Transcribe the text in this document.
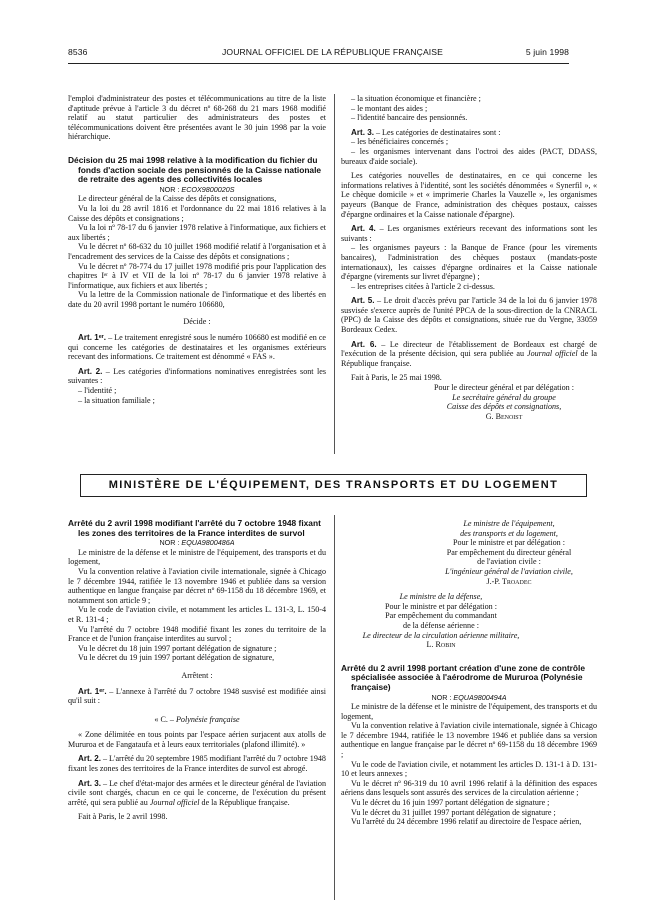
8536	JOURNAL OFFICIEL DE LA RÉPUBLIQUE FRANÇAISE	5 juin 1998

l'emploi d'administrateur des postes et télécommunications au titre de la liste d'aptitude prévue à l'article 3 du décret nº 68-268 du 21 mars 1968 modifié relatif au statut particulier des administrateurs des postes et télécommunications doivent être présentées avant le 30 juin 1998 par la voie hiérarchique.

Décision du 25 mai 1998 relative à la modification du fichier du fonds d'action sociale des pensionnés de la Caisse nationale de retraite des agents des collectivités locales

NOR : ECOX9800020S

Le directeur général de la Caisse des dépôts et consignations,

Vu la loi du 28 avril 1816 et l'ordonnance du 22 mai 1816 relatives à la Caisse des dépôts et consignations ;

Vu la loi nº 78-17 du 6 janvier 1978 relative à l'informatique, aux fichiers et aux libertés ;

Vu le décret nº 68-632 du 10 juillet 1968 modifié relatif à l'organisation et à l'encadrement des services de la Caisse des dépôts et consignations ;

Vu le décret nº 78-774 du 17 juillet 1978 modifié pris pour l'application des chapitres Iᵉʳ à IV et VII de la loi nº 78-17 du 6 janvier 1978 relative à l'informatique, aux fichiers et aux libertés ;

Vu la lettre de la Commission nationale de l'informatique et des libertés en date du 20 avril 1998 portant le numéro 106680,

Décide :

Art. 1ᵉʳ. – Le traitement enregistré sous le numéro 106680 est modifié en ce qui concerne les catégories de destinataires et les organismes extérieurs recevant des informations. Ce traitement est dénommé « FAS ».

Art. 2. – Les catégories d'informations nominatives enregistrées sont les suivantes :

– l'identité ;

– la situation familiale ;

– la situation économique et financière ;

– le montant des aides ;

– l'identité bancaire des pensionnés.

Art. 3. – Les catégories de destinataires sont :

– les bénéficiaires concernés ;

– les organismes intervenant dans l'octroi des aides (PACT, DDASS, bureaux d'aide sociale).

Les catégories nouvelles de destinataires, en ce qui concerne les informations relatives à l'identité, sont les sociétés dénommées « Synerfil », « Le chèque domicile » et « imprimerie Charles la Vauzelle », les organismes payeurs (Banque de France, administration des chèques postaux, caisses d'épargne ordinaires et la Caisse nationale d'épargne).

Art. 4. – Les organismes extérieurs recevant des informations sont les suivants :

– les organismes payeurs : la Banque de France (pour les virements bancaires), l'administration des chèques postaux (mandats-poste internationaux), les caisses d'épargne ordinaires et la Caisse nationale d'épargne (virements sur livret d'épargne) ;

– les entreprises citées à l'article 2 ci-dessus.

Art. 5. – Le droit d'accès prévu par l'article 34 de la loi du 6 janvier 1978 susvisée s'exerce auprès de l'unité PPCA de la sous-direction de la CNRACL (PPC) de la Caisse des dépôts et consignations, située rue du Vergne, 33059 Bordeaux Cedex.

Art. 6. – Le directeur de l'établissement de Bordeaux est chargé de l'exécution de la présente décision, qui sera publiée au Journal officiel de la République française.

Fait à Paris, le 25 mai 1998.

Pour le directeur général et par délégation :

Le secrétaire général du groupe

Caisse des dépôts et consignations,

G. Benoist

MINISTÈRE DE L'ÉQUIPEMENT, DES TRANSPORTS ET DU LOGEMENT

Arrêté du 2 avril 1998 modifiant l'arrêté du 7 octobre 1948 fixant les zones des territoires de la France interdites de survol

NOR : EQUA9800486A

Le ministre de la défense et le ministre de l'équipement, des transports et du logement,

Vu la convention relative à l'aviation civile internationale, signée à Chicago le 7 décembre 1944, ratifiée le 13 novembre 1946 et publiée dans sa version authentique en langue française par décret nº 69-1158 du 18 décembre 1969, et notamment son article 9 ;

Vu le code de l'aviation civile, et notamment les articles L. 131-3, L. 150-4 et R. 131-4 ;

Vu l'arrêté du 7 octobre 1948 modifié fixant les zones du territoire de la France et de l'union française interdites au survol ;

Vu le décret du 18 juin 1997 portant délégation de signature ;

Vu le décret du 19 juin 1997 portant délégation de signature,

Arrêtent :

Art. 1ᵉʳ. – L'annexe à l'arrêté du 7 octobre 1948 susvisé est modifiée ainsi qu'il suit :

« C. – Polynésie française

« Zone délimitée en tous points par l'espace aérien surjacent aux atolls de Mururoa et de Fangataufa et à leurs eaux territoriales (plafond illimité). »

Art. 2. – L'arrêté du 20 septembre 1985 modifiant l'arrêté du 7 octobre 1948 fixant les zones des territoires de la France interdites de survol est abrogé.

Art. 3. – Le chef d'état-major des armées et le directeur général de l'aviation civile sont chargés, chacun en ce qui le concerne, de l'exécution du présent arrêté, qui sera publié au Journal officiel de la République française.

Fait à Paris, le 2 avril 1998.

Le ministre de l'équipement,

des transports et du logement,

Pour le ministre et par délégation :

Par empêchement du directeur général

de l'aviation civile :

L'ingénieur général de l'aviation civile,

J.-P. Troadec

Le ministre de la défense,

Pour le ministre et par délégation :

Par empêchement du commandant

de la défense aérienne :

Le directeur de la circulation aérienne militaire,

L. Robin

Arrêté du 2 avril 1998 portant création d'une zone de contrôle spécialisée associée à l'aérodrome de Mururoa (Polynésie française)

NOR : EQUA9800494A

Le ministre de la défense et le ministre de l'équipement, des transports et du logement,

Vu la convention relative à l'aviation civile internationale, signée à Chicago le 7 décembre 1944, ratifiée le 13 novembre 1946 et publiée dans sa version authentique en langue française par le décret nº 69-1158 du 18 décembre 1969 ;

Vu le code de l'aviation civile, et notamment les articles D. 131-1 à D. 131-10 et leurs annexes ;

Vu le décret nº 96-319 du 10 avril 1996 relatif à la définition des espaces aériens dans lesquels sont assurés des services de la circulation aérienne ;

Vu le décret du 16 juin 1997 portant délégation de signature ;

Vu le décret du 31 juillet 1997 portant délégation de signature ;

Vu l'arrêté du 24 décembre 1996 relatif au directoire de l'espace aérien,
